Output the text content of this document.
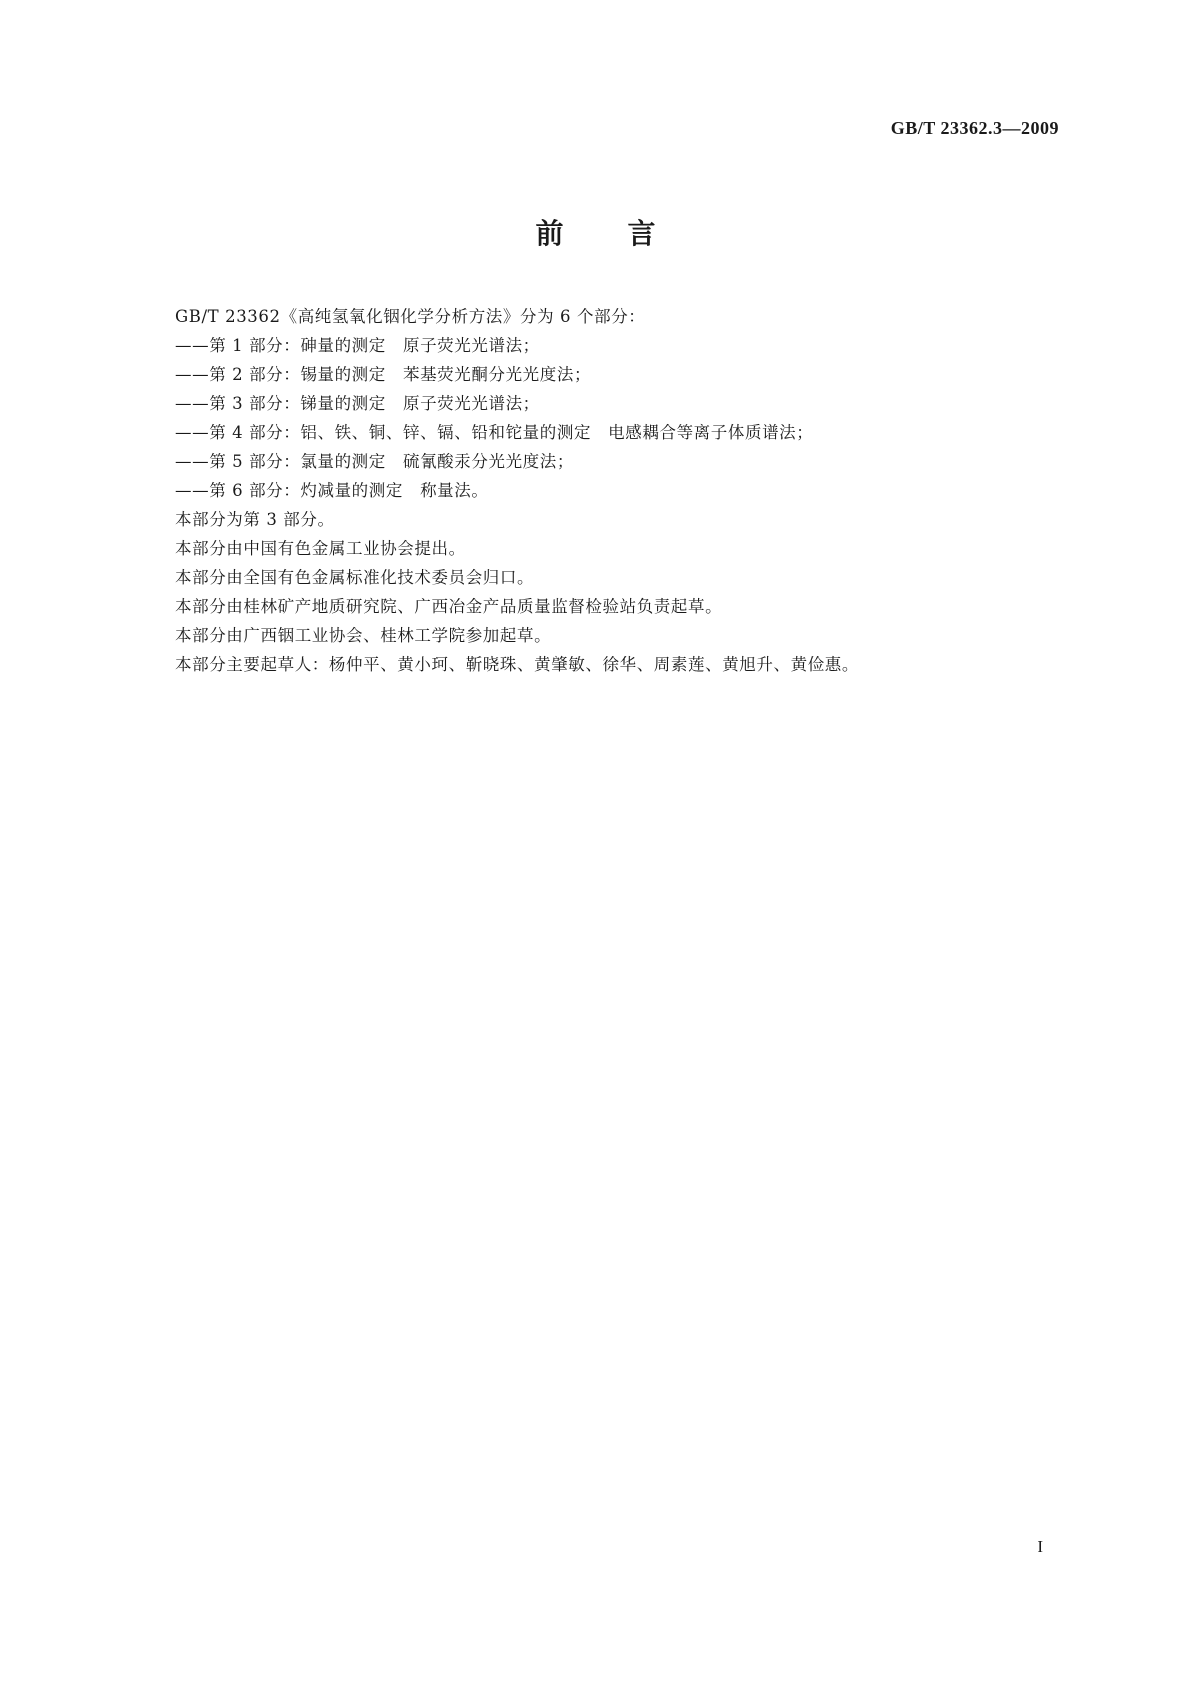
GB/T 23362.3—2009
前言
GB/T 23362《高纯氢氧化铟化学分析方法》分为 6 个部分：
——第 1 部分：砷量的测定　原子荧光光谱法；
——第 2 部分：锡量的测定　苯基荧光酮分光光度法；
——第 3 部分：锑量的测定　原子荧光光谱法；
——第 4 部分：铝、铁、铜、锌、镉、铅和铊量的测定　电感耦合等离子体质谱法；
——第 5 部分：氯量的测定　硫氰酸汞分光光度法；
——第 6 部分：灼减量的测定　称量法。
本部分为第 3 部分。
本部分由中国有色金属工业协会提出。
本部分由全国有色金属标准化技术委员会归口。
本部分由桂林矿产地质研究院、广西冶金产品质量监督检验站负责起草。
本部分由广西铟工业协会、桂林工学院参加起草。
本部分主要起草人：杨仲平、黄小珂、靳晓珠、黄肇敏、徐华、周素莲、黄旭升、黄俭惠。
I
